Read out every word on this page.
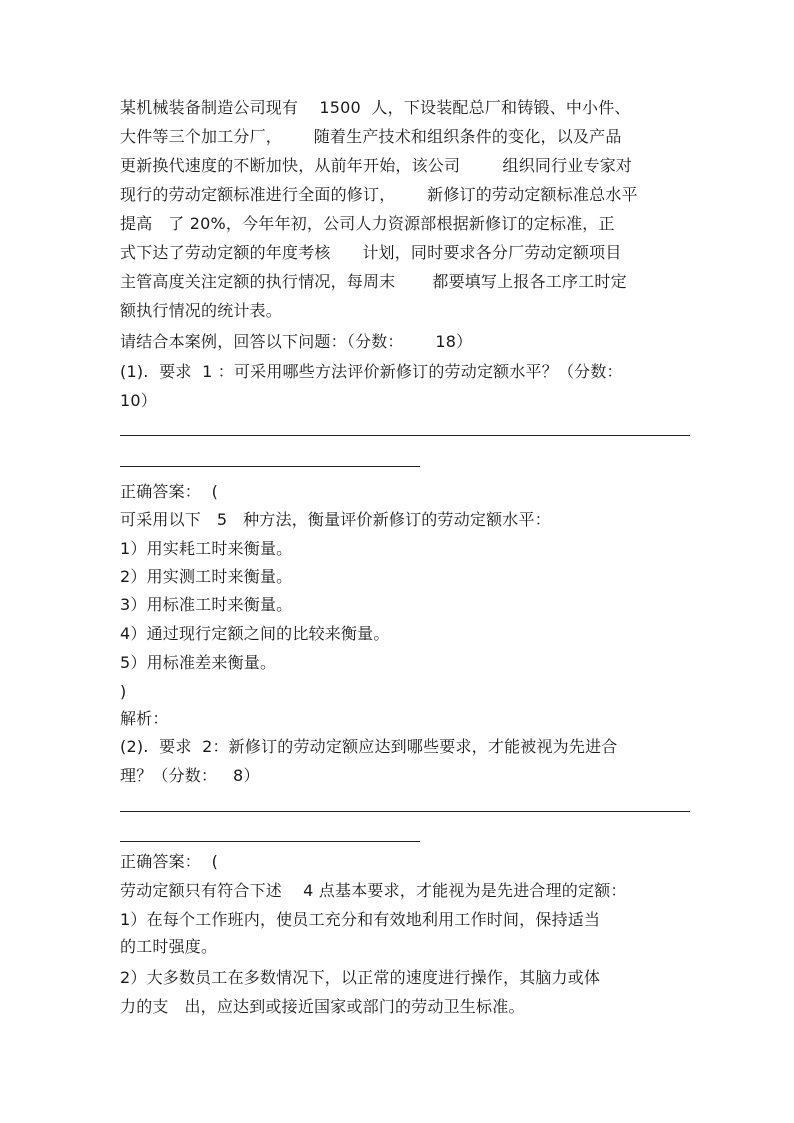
某机械装备制造公司现有    1500  人，下设装配总厂和铸锻、中小件、
大件等三个加工分厂，      随着生产技术和组织条件的变化，以及产品
更新换代速度的不断加快，从前年开始，该公司        组织同行业专家对
现行的劳动定额标准进行全面的修订，      新修订的劳动定额标准总水平
提高   了 20%，今年年初，公司人力资源部根据新修订的定标准，正
式下达了劳动定额的年度考核      计划，同时要求各分厂劳动定额项目
主管高度关注定额的执行情况，每周末       都要填写上报各工序工时定
额执行情况的统计表。
请结合本案例，回答以下问题：（分数：      18）
(1).  要求  1 ：可采用哪些方法评价新修订的劳动定额水平？（分数：
10）
正确答案：  (
可采用以下   5   种方法，衡量评价新修订的劳动定额水平：
1）用实耗工时来衡量。
2）用实测工时来衡量。
3）用标准工时来衡量。
4）通过现行定额之间的比较来衡量。
5）用标准差来衡量。
)
解析：
(2).  要求  2：新修订的劳动定额应达到哪些要求，才能被视为先进合
理？（分数：   8）
正确答案：  (
劳动定额只有符合下述    4 点基本要求，才能视为是先进合理的定额：
1）在每个工作班内，使员工充分和有效地利用工作时间，保持适当
的工时强度。
2）大多数员工在多数情况下，以正常的速度进行操作，其脑力或体
力的支   出，应达到或接近国家或部门的劳动卫生标准。
